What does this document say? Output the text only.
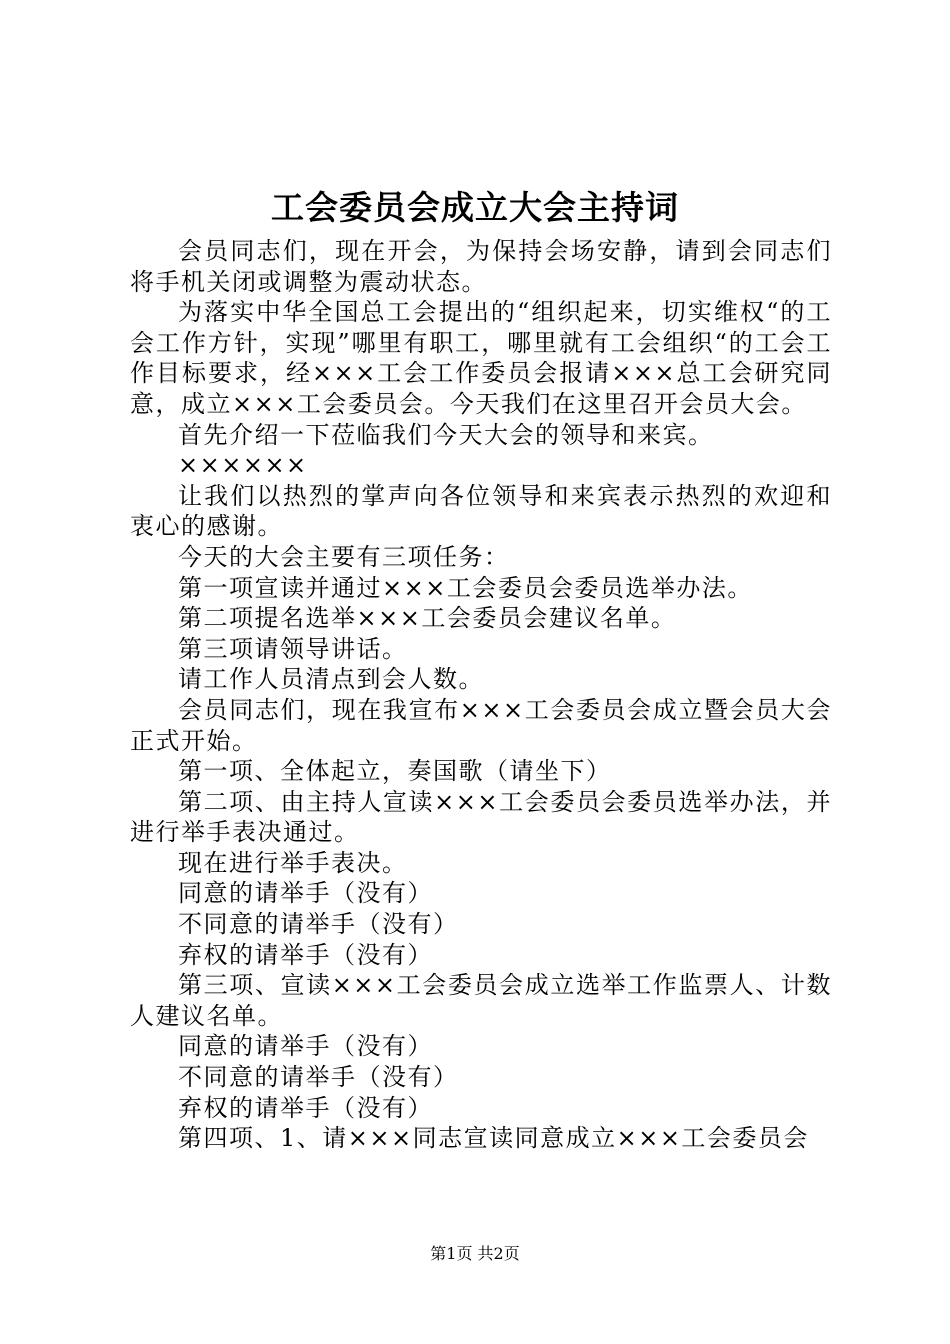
工会委员会成立大会主持词

会员同志们，现在开会，为保持会场安静，请到会同志们将手机关闭或调整为震动状态。

为落实中华全国总工会提出的“组织起来，切实维权“的工会工作方针，实现”哪里有职工，哪里就有工会组织“的工会工作目标要求，经×××工会工作委员会报请×××总工会研究同意，成立×××工会委员会。今天我们在这里召开会员大会。

首先介绍一下莅临我们今天大会的领导和来宾。

××××××

让我们以热烈的掌声向各位领导和来宾表示热烈的欢迎和衷心的感谢。

今天的大会主要有三项任务：

第一项宣读并通过×××工会委员会委员选举办法。

第二项提名选举×××工会委员会建议名单。

第三项请领导讲话。

请工作人员清点到会人数。

会员同志们，现在我宣布×××工会委员会成立暨会员大会正式开始。

第一项、全体起立，奏国歌（请坐下）

第二项、由主持人宣读×××工会委员会委员选举办法，并进行举手表决通过。

现在进行举手表决。

同意的请举手（没有）

不同意的请举手（没有）

弃权的请举手（没有）

第三项、宣读×××工会委员会成立选举工作监票人、计数人建议名单。

同意的请举手（没有）

不同意的请举手（没有）

弃权的请举手（没有）

第四项、1、请×××同志宣读同意成立×××工会委员会

第1页 共2页
